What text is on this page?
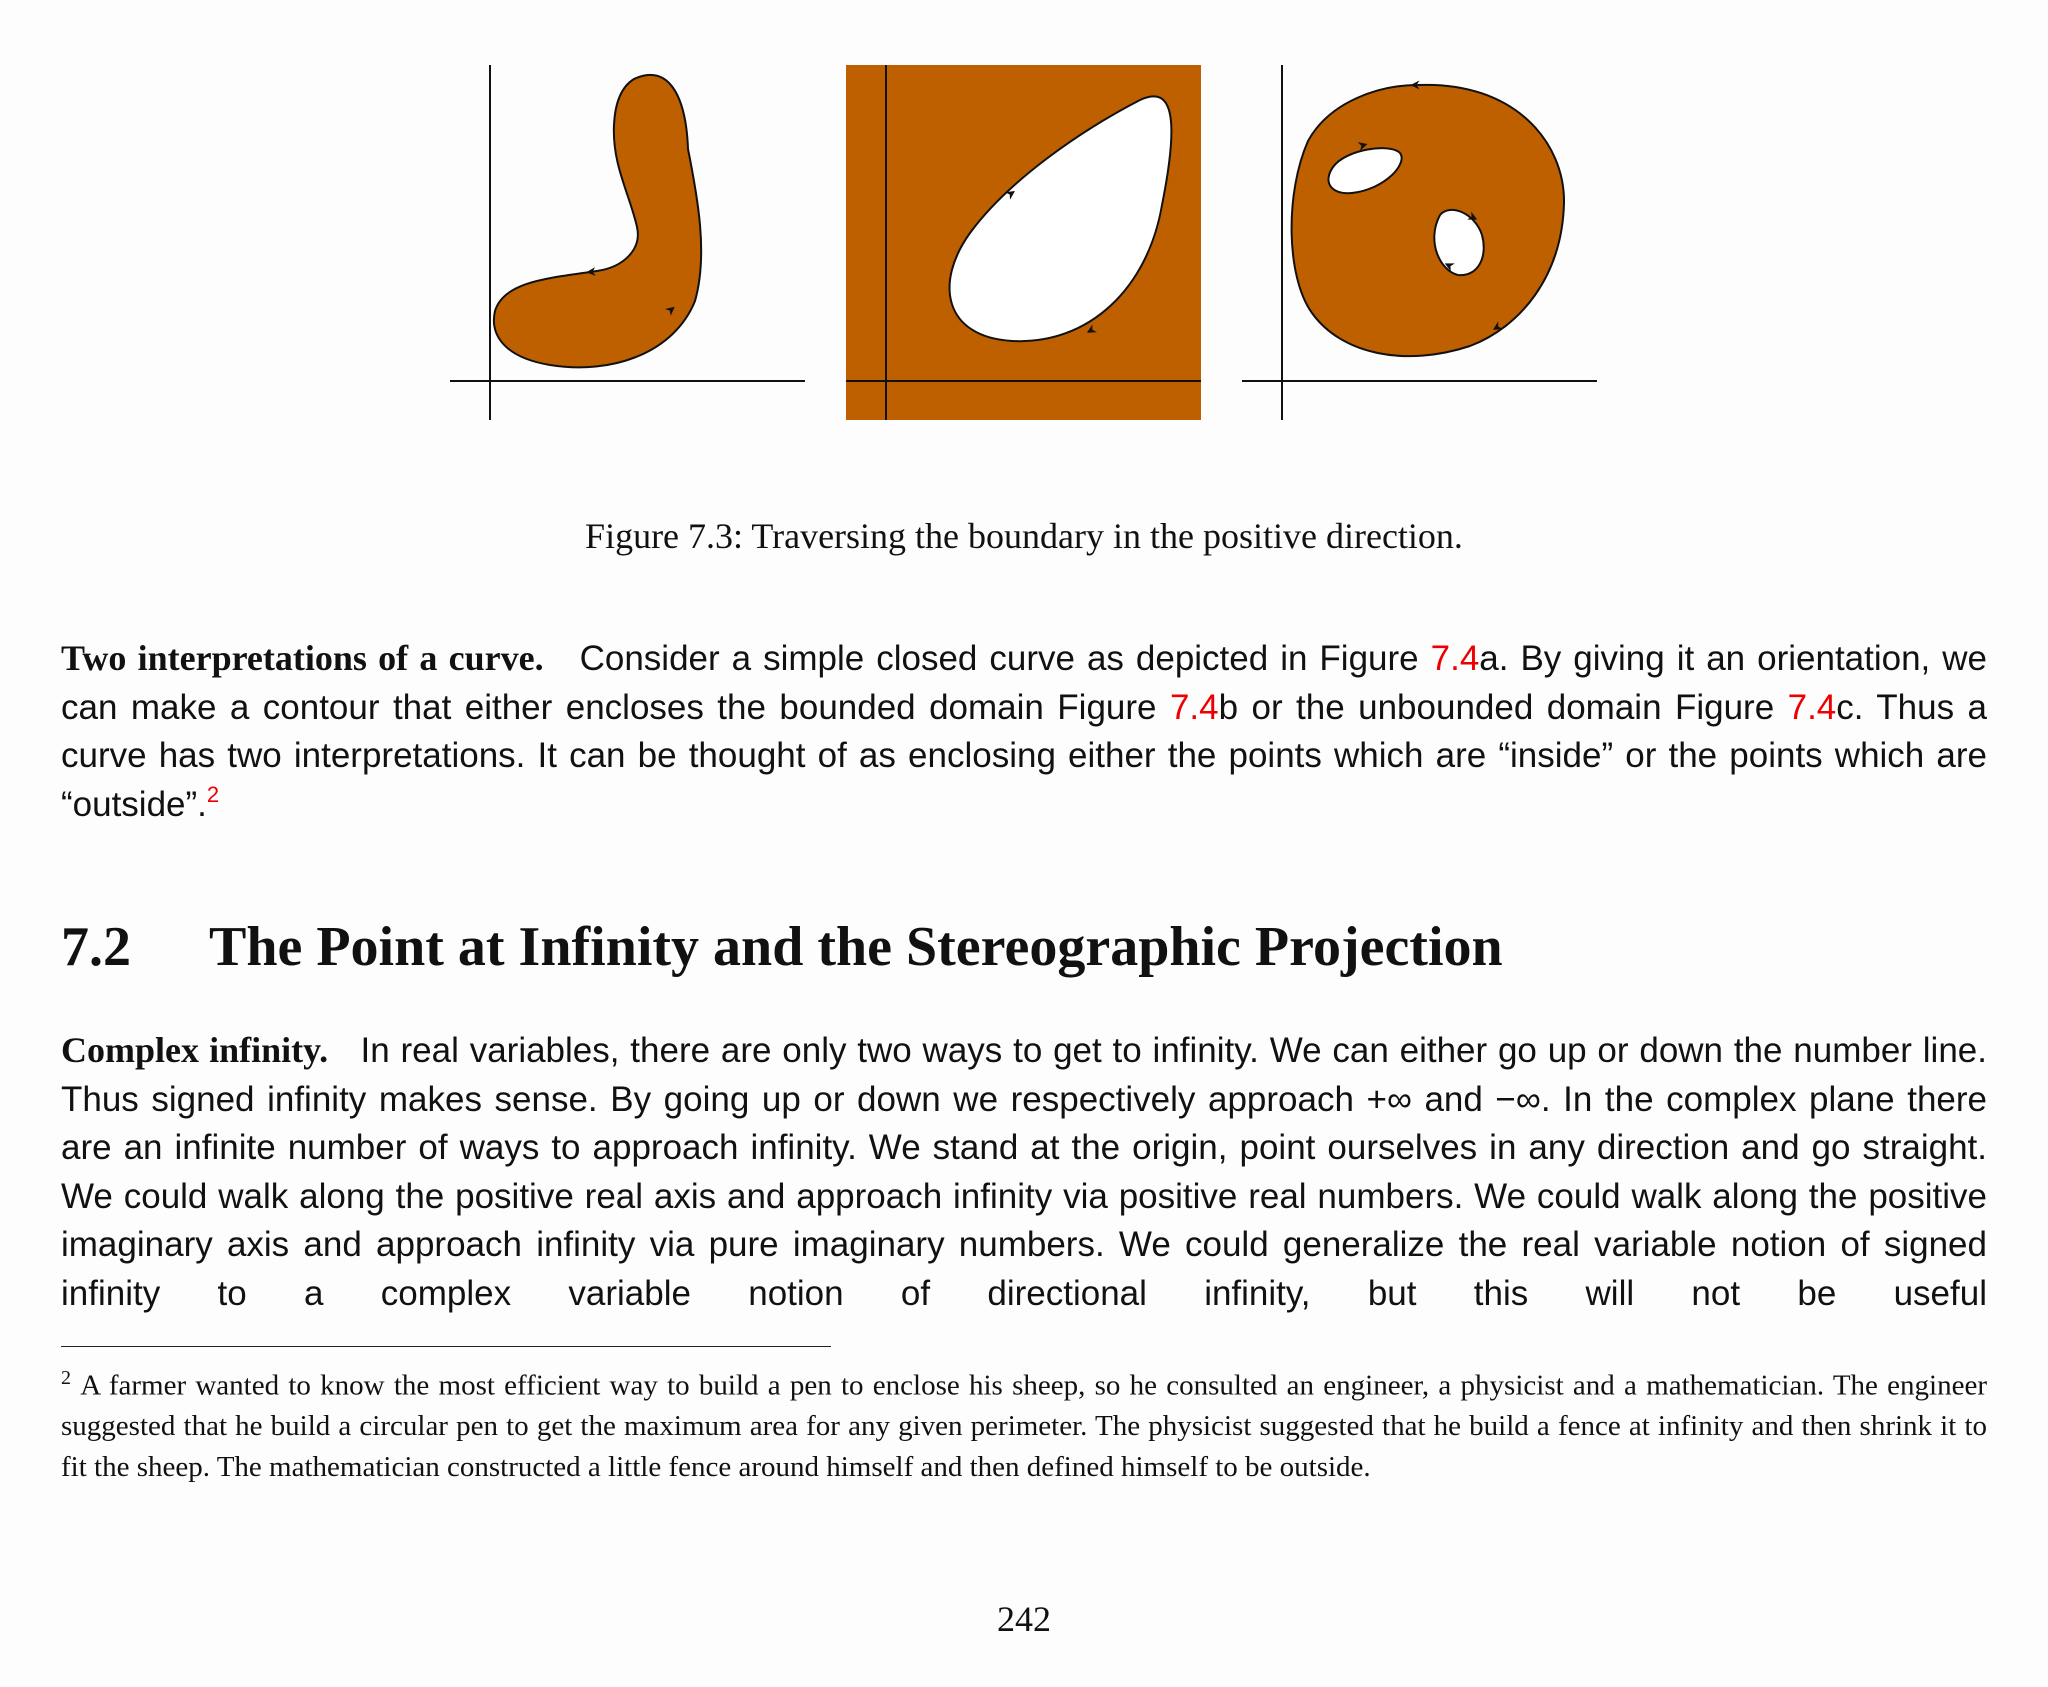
Figure 7.3: Traversing the boundary in the positive direction.
Two interpretations of a curve. Consider a simple closed curve as depicted in Figure 7.4a. By giving it an orientation, we can make a contour that either encloses the bounded domain Figure 7.4b or the unbounded domain Figure 7.4c. Thus a curve has two interpretations. It can be thought of as enclosing either the points which are “inside” or the points which are “outside”.$^2$
7.2 The Point at Infinity and the Stereographic Projection
Complex infinity. In real variables, there are only two ways to get to infinity. We can either go up or down the number line. Thus signed infinity makes sense. By going up or down we respectively approach +∞ and −∞. In the complex plane there are an infinite number of ways to approach infinity. We stand at the origin, point ourselves in any direction and go straight. We could walk along the positive real axis and approach infinity via positive real numbers. We could walk along the positive imaginary axis and approach infinity via pure imaginary numbers. We could generalize the real variable notion of signed infinity to a complex variable notion of directional infinity, but this will not be useful
$^2$ A farmer wanted to know the most efficient way to build a pen to enclose his sheep, so he consulted an engineer, a physicist and a mathematician. The engineer suggested that he build a circular pen to get the maximum area for any given perimeter. The physicist suggested that he build a fence at infinity and then shrink it to fit the sheep. The mathematician constructed a little fence around himself and then defined himself to be outside.
242
